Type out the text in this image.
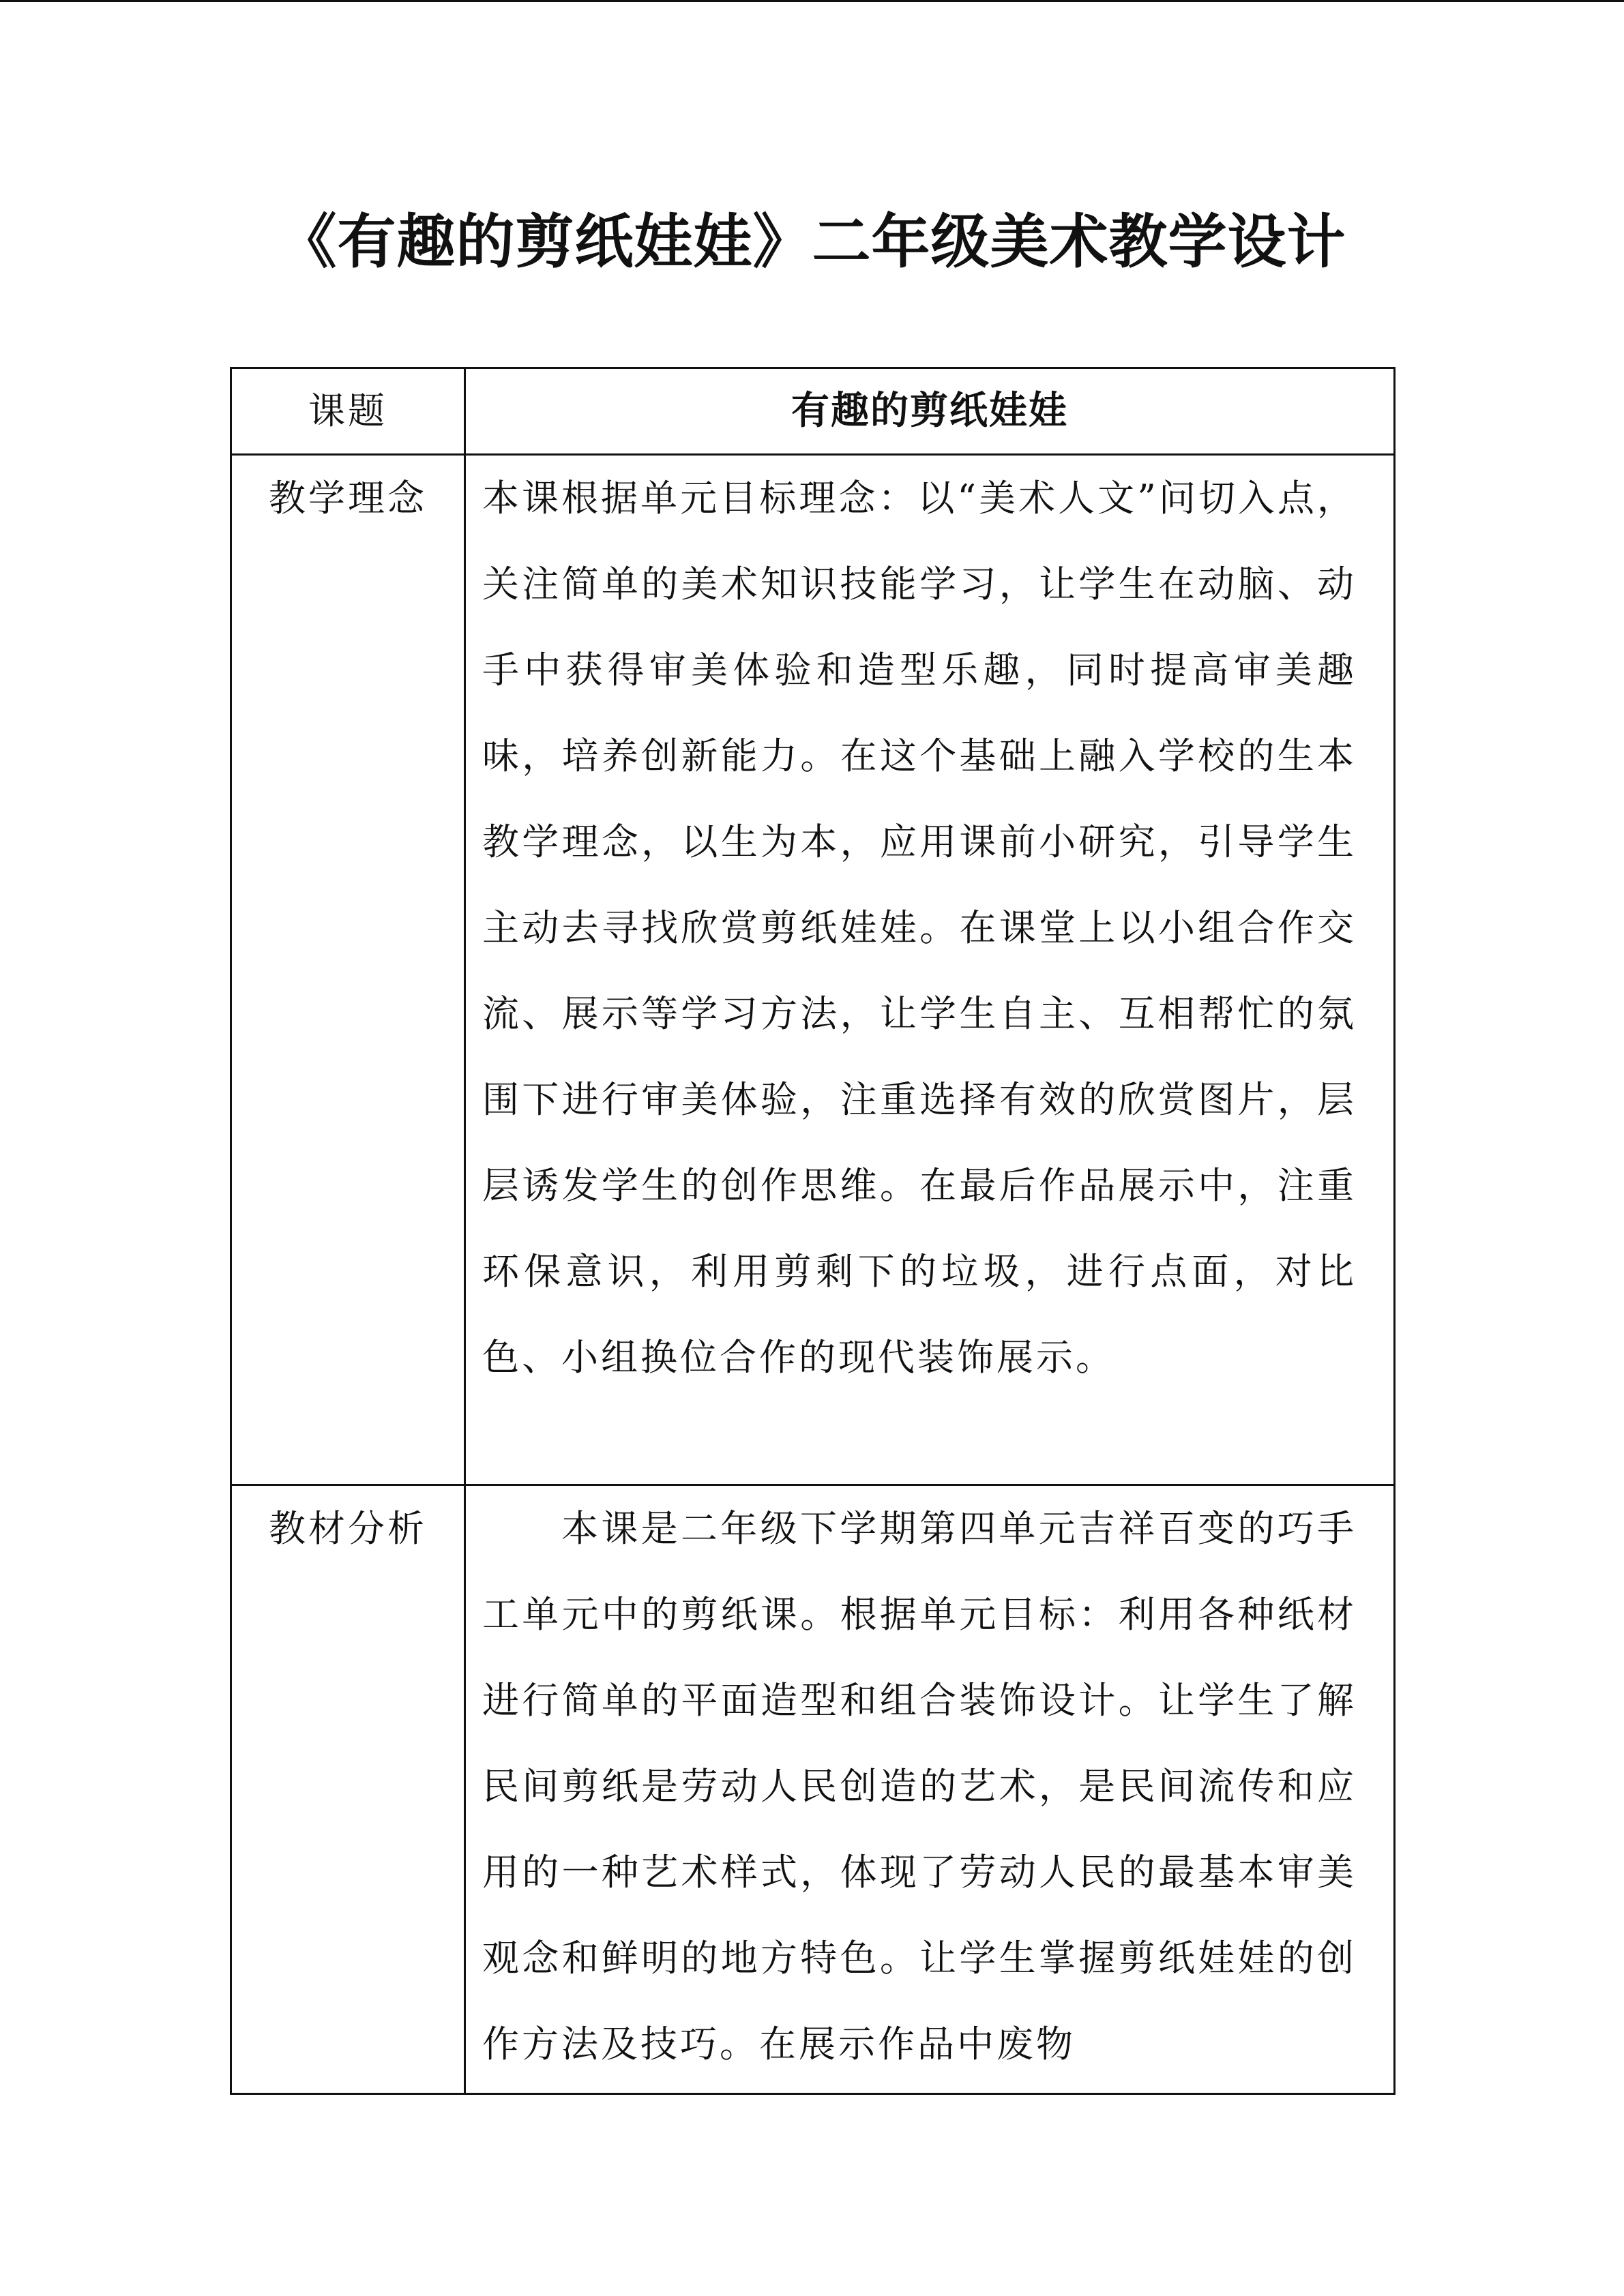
《有趣的剪纸娃娃》二年级美术教学设计
课题	有趣的剪纸娃娃
教学理念	本课根据单元目标理念：以“美术人文”问切入点，关注简单的美术知识技能学习，让学生在动脑、动手中获得审美体验和造型乐趣，同时提高审美趣味，培养创新能力。在这个基础上融入学校的生本教学理念，以生为本，应用课前小研究，引导学生主动去寻找欣赏剪纸娃娃。在课堂上以小组合作交流、展示等学习方法，让学生自主、互相帮忙的氛围下进行审美体验，注重选择有效的欣赏图片，层层诱发学生的创作思维。在最后作品展示中，注重环保意识，利用剪剩下的垃圾，进行点面，对比色、小组换位合作的现代装饰展示。
教材分析	本课是二年级下学期第四单元吉祥百变的巧手工单元中的剪纸课。根据单元目标：利用各种纸材进行简单的平面造型和组合装饰设计。让学生了解民间剪纸是劳动人民创造的艺术，是民间流传和应用的一种艺术样式，体现了劳动人民的最基本审美观念和鲜明的地方特色。让学生掌握剪纸娃娃的创作方法及技巧。在展示作品中废物
